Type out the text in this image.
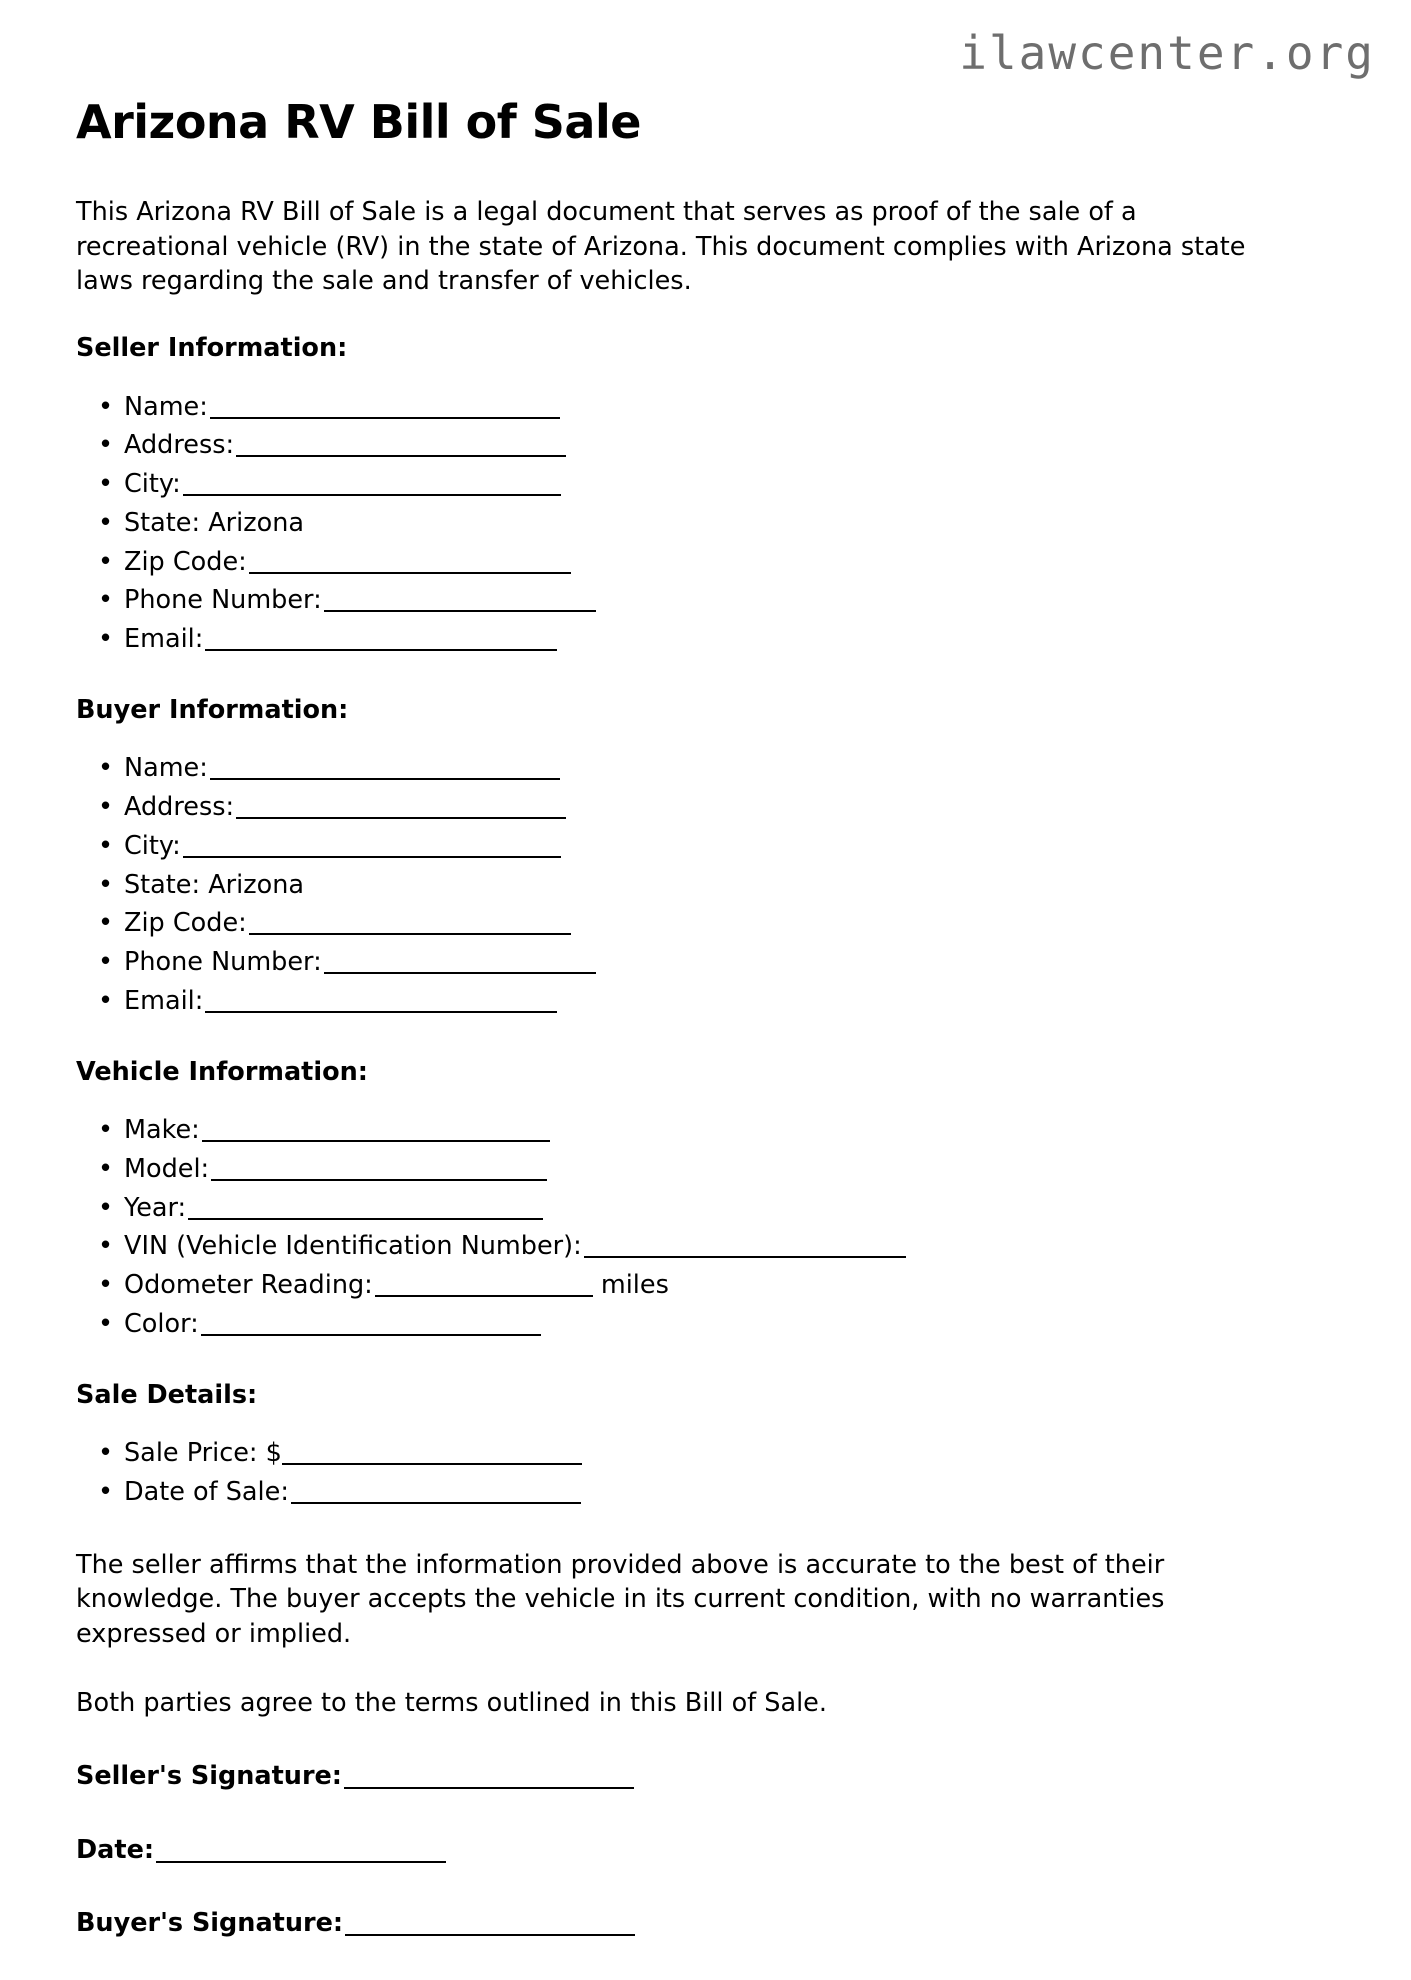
ilawcenter.org
Arizona RV Bill of Sale

This Arizona RV Bill of Sale is a legal document that serves as proof of the sale of a recreational vehicle (RV) in the state of Arizona. This document complies with Arizona state laws regarding the sale and transfer of vehicles.

Seller Information:
• Name:
• Address:
• City:
• State: Arizona
• Zip Code:
• Phone Number:
• Email:
Buyer Information:
• Name:
• Address:
• City:
• State: Arizona
• Zip Code:
• Phone Number:
• Email:
Vehicle Information:
• Make:
• Model:
• Year:
• VIN (Vehicle Identification Number):
• Odometer Reading:	miles
• Color:
Sale Details:
• Sale Price: $
• Date of Sale:

The seller affirms that the information provided above is accurate to the best of their knowledge. The buyer accepts the vehicle in its current condition, with no warranties expressed or implied.

Both parties agree to the terms outlined in this Bill of Sale.

Seller's Signature:
Date:
Buyer's Signature:
